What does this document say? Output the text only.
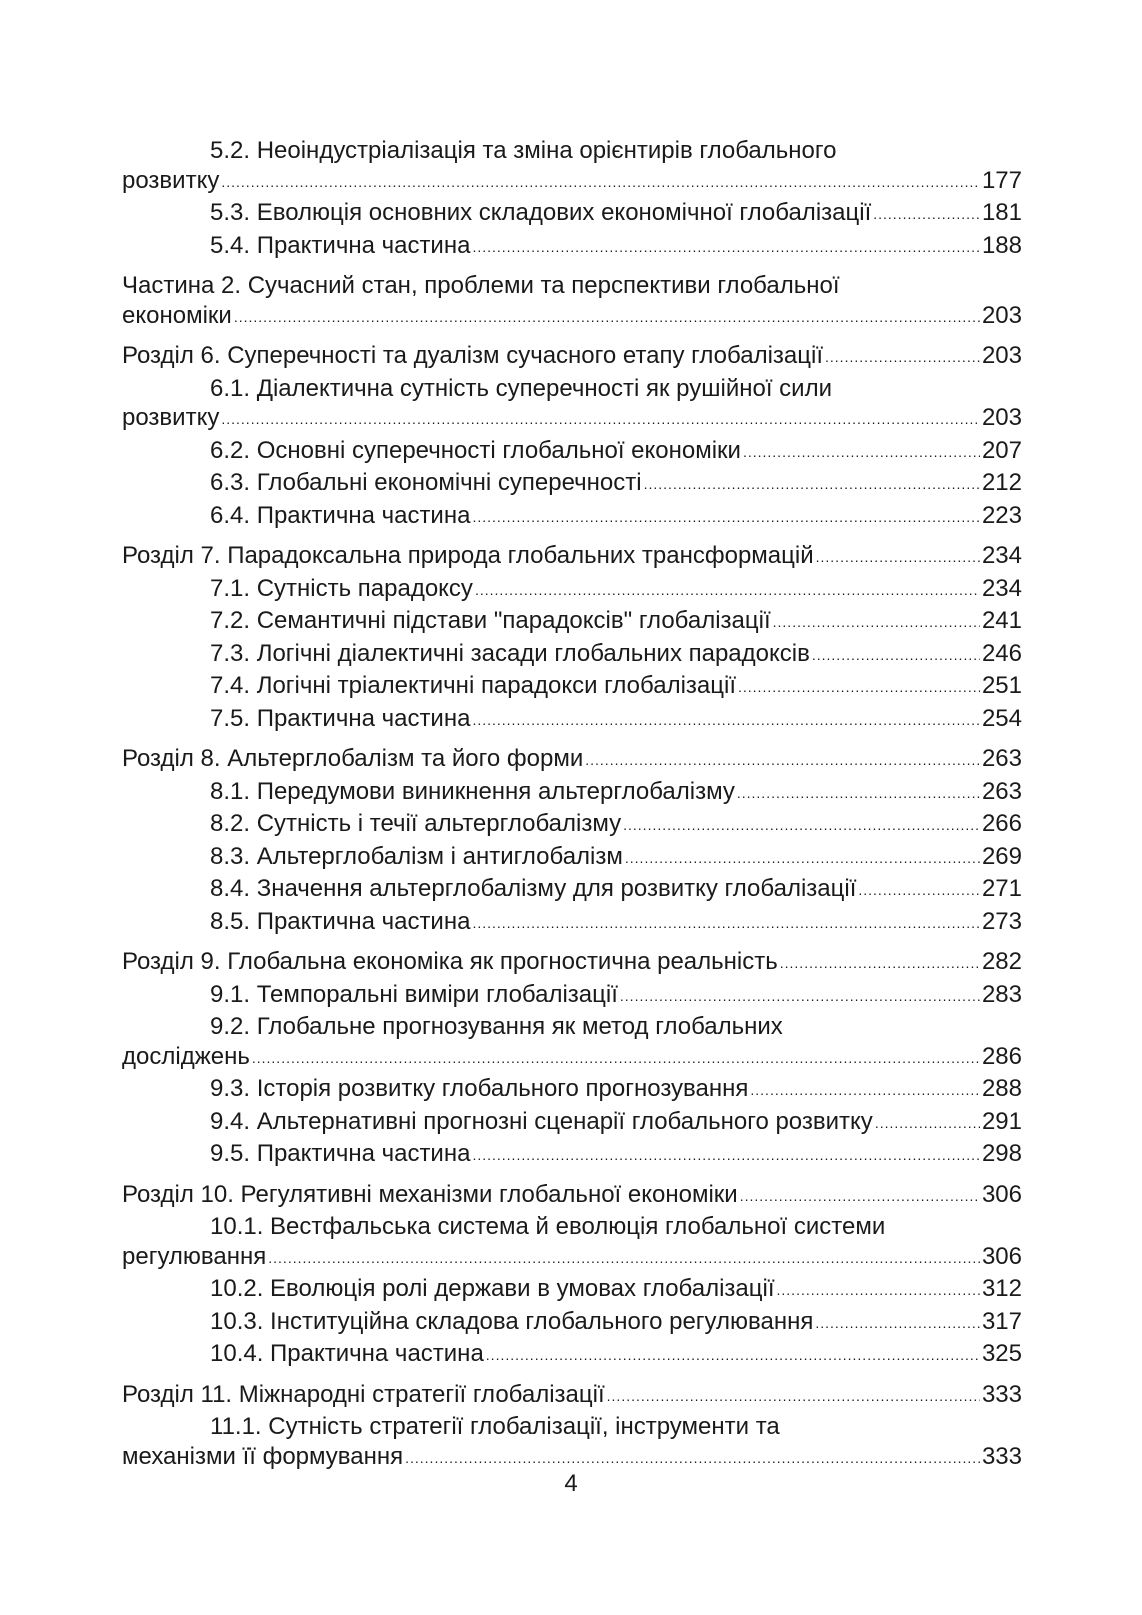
5.2. Неоіндустріалізація та зміна орієнтирів глобального
розвитку .....	177
5.3. Еволюція основних складових економічної глобалізації .....	181
5.4. Практична частина .....	188
Частина 2. Сучасний стан, проблеми та перспективи глобальної
економіки .....	203
Розділ 6. Суперечності та дуалізм сучасного етапу глобалізації .....	203
6.1. Діалектична сутність суперечності як рушійної сили
розвитку .....	203
6.2. Основні суперечності глобальної економіки .....	207
6.3. Глобальні економічні суперечності .....	212
6.4. Практична частина .....	223
Розділ 7. Парадоксальна природа глобальних трансформацій .....	234
7.1. Сутність парадоксу .....	234
7.2. Семантичні підстави "парадоксів" глобалізації .....	241
7.3. Логічні діалектичні засади глобальних парадоксів .....	246
7.4. Логічні тріалектичні парадокси глобалізації .....	251
7.5. Практична частина .....	254
Розділ 8. Альтерглобалізм та його форми .....	263
8.1. Передумови виникнення альтерглобалізму .....	263
8.2. Сутність і течії альтерглобалізму .....	266
8.3. Альтерглобалізм і антиглобалізм .....	269
8.4. Значення альтерглобалізму для розвитку глобалізації .....	271
8.5. Практична частина .....	273
Розділ 9. Глобальна економіка як прогностична реальність .....	282
9.1. Темпоральні виміри глобалізації .....	283
9.2. Глобальне прогнозування як метод глобальних
досліджень .....	286
9.3. Історія розвитку глобального прогнозування .....	288
9.4. Альтернативні прогнозні сценарії глобального розвитку .....	291
9.5. Практична частина .....	298
Розділ 10. Регулятивні механізми глобальної економіки .....	306
10.1. Вестфальська система й еволюція глобальної системи
регулювання .....	306
10.2. Еволюція ролі держави в умовах глобалізації .....	312
10.3. Інституційна складова глобального регулювання .....	317
10.4. Практична частина .....	325
Розділ 11. Міжнародні стратегії глобалізації .....	333
11.1. Сутність стратегії глобалізації, інструменти та
механізми її формування .....	333
4
